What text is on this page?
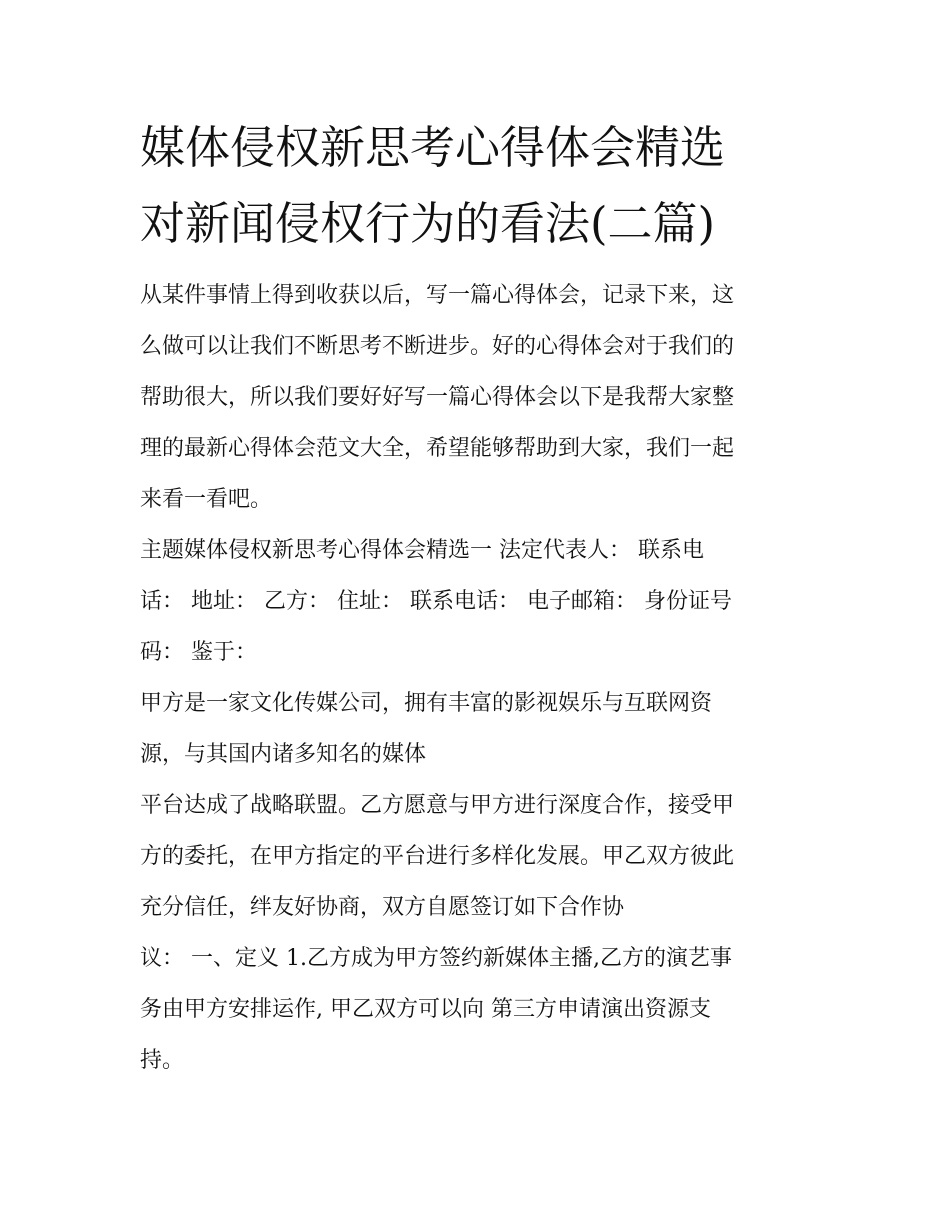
媒体侵权新思考心得体会精选
对新闻侵权行为的看法(二篇)

从某件事情上得到收获以后，写一篇心得体会，记录下来，这
么做可以让我们不断思考不断进步。好的心得体会对于我们的
帮助很大，所以我们要好好写一篇心得体会以下是我帮大家整
理的最新心得体会范文大全，希望能够帮助到大家，我们一起
来看一看吧。

主题媒体侵权新思考心得体会精选一 法定代表人： 联系电
话： 地址： 乙方： 住址： 联系电话： 电子邮箱： 身份证号
码： 鉴于：

甲方是一家文化传媒公司，拥有丰富的影视娱乐与互联网资
源，与其国内诸多知名的媒体

平台达成了战略联盟。乙方愿意与甲方进行深度合作，接受甲
方的委托，在甲方指定的平台进行多样化发展。甲乙双方彼此
充分信任，绊友好协商，双方自愿签订如下合作协

议： 一、定义 1.乙方成为甲方签约新媒体主播,乙方的演艺事
务由甲方安排运作, 甲乙双方可以向 第三方申请演出资源支
持。
